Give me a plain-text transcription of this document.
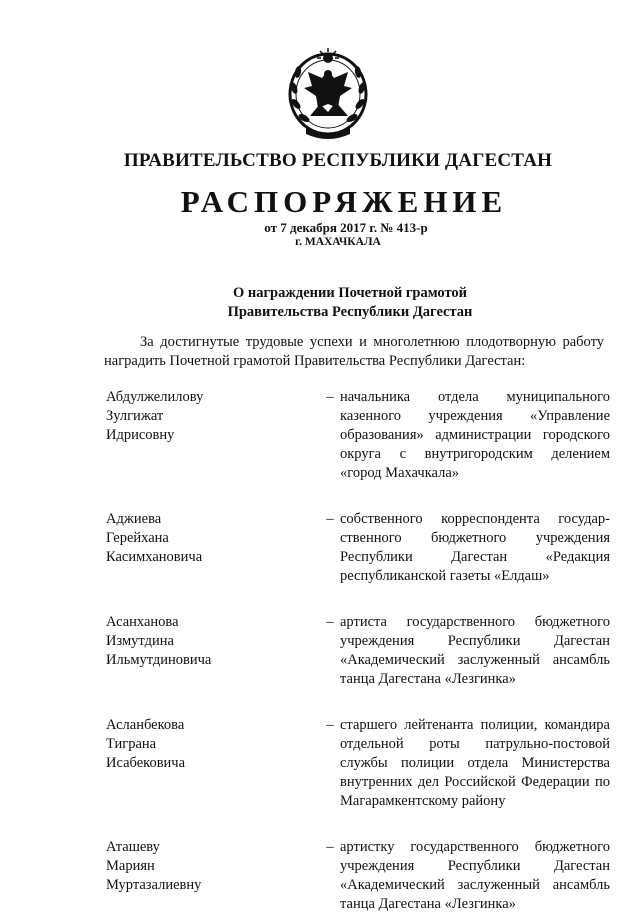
ПРАВИТЕЛЬСТВО РЕСПУБЛИКИ ДАГЕСТАН
РАСПОРЯЖЕНИЕ
от 7 декабря 2017 г. № 413-р
г. МАХАЧКАЛА
О награждении Почетной грамотой
Правительства Республики Дагестан
За достигнутые трудовые успехи и многолетнюю плодотворную работу наградить Почетной грамотой Правительства Республики Дагестан:
Абдулжелилову
Зулгижат
Идрисовну
– начальника отдела муниципального казенного учреждения «Управление образования» администрации городского округа с внутригородским делением «город Махачкала»
Аджиева
Герейхана
Касимхановича
– собственного корреспондента государственного бюджетного учреждения Республики Дагестан «Редакция республиканской газеты «Елдаш»
Асанханова
Измутдина
Ильмутдиновича
– артиста государственного бюджетного учреждения Республики Дагестан «Академический заслуженный ансамбль танца Дагестана «Лезгинка»
Асланбекова
Тиграна
Исабековича
– старшего лейтенанта полиции, командира отдельной роты патрульно-постовой службы полиции отдела Министерства внутренних дел Российской Федерации по Магарамкентскому району
Аташеву
Мариян
Муртазалиевну
– артистку государственного бюджетного учреждения Республики Дагестан «Академический заслуженный ансамбль танца Дагестана «Лезгинка»
